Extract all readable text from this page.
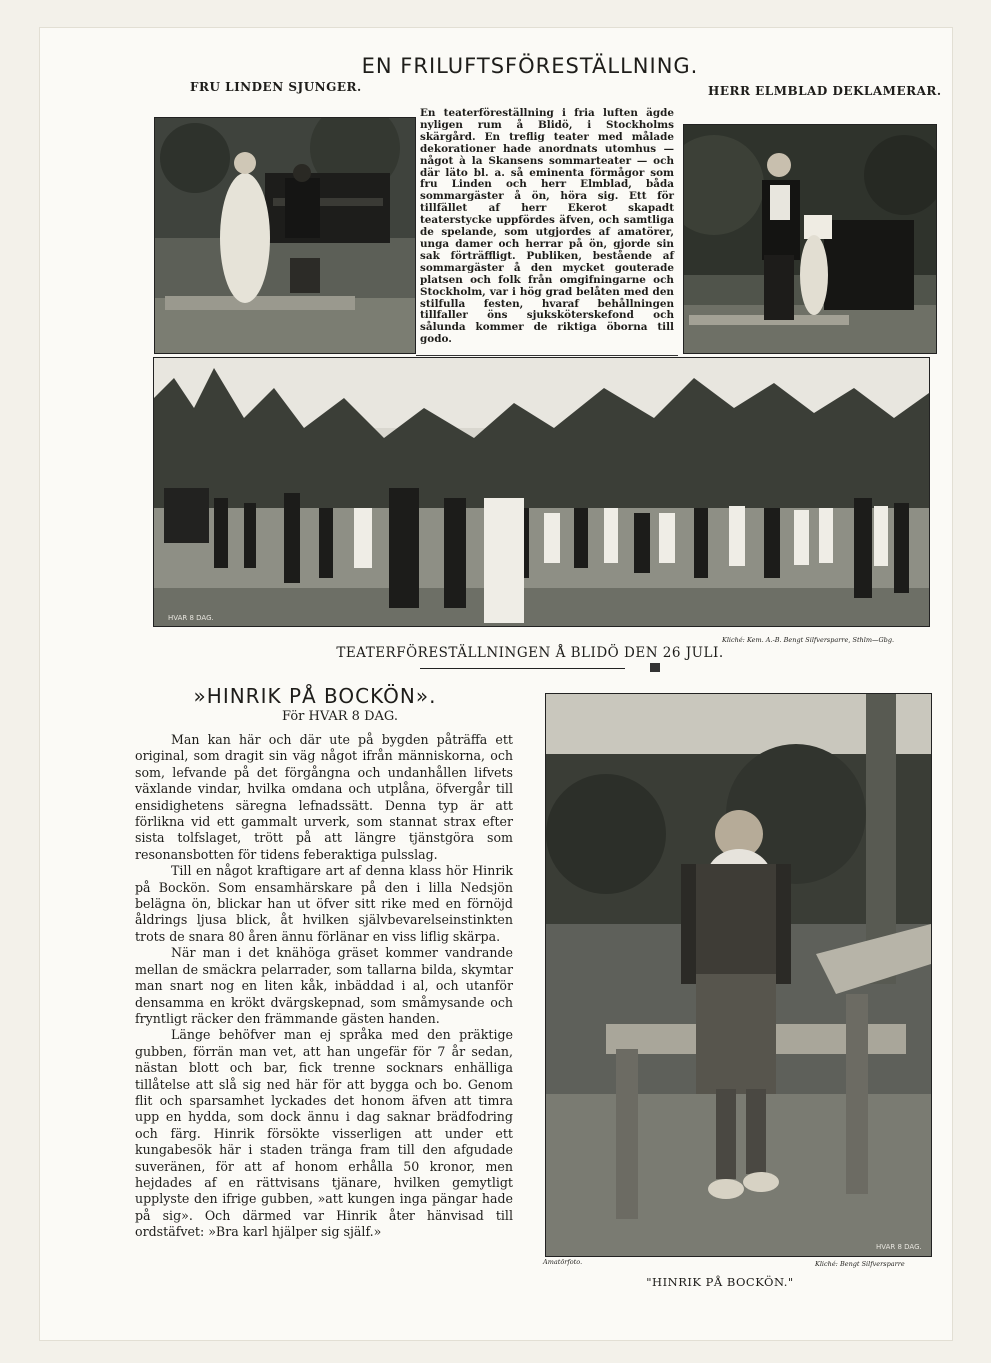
EN FRILUFTSFÖRESTÄLLNING.
FRU LINDEN SJUNGER.	HERR ELMBLAD DEKLAMERAR.
En teaterföreställning i fria luften ägde nyligen rum å Blidö, i Stockholms skärgård. En treflig teater med målade dekorationer hade anordnats utomhus — något à la Skansens sommarteater — och där läto bl. a. så eminenta förmågor som fru Linden och herr Elmblad, båda sommargäster å ön, höra sig. Ett för tillfället af herr Ekerot skapadt teaterstycke uppfördes äfven, och samtliga de spelande, som utgjordes af amatörer, unga damer och herrar på ön, gjorde sin sak förträffligt. Publiken, bestående af sommargäster å den mycket gouterade platsen och folk från omgifningarne och Stockholm, var i hög grad belåten med den stilfulla festen, hvaraf behållningen tillfaller öns sjuksköterskefond och sålunda kommer de riktiga öborna till godo.
HVAR 8 DAG.
Kliché: Kem. A.-B. Bengt Silfversparre, Sthlm—Gbg.
TEATERFÖRESTÄLLNINGEN Å BLIDÖ DEN 26 JULI.
»HINRIK PÅ BOCKÖN».
För HVAR 8 DAG.

Man kan här och där ute på bygden påträffa ett original, som dragit sin väg något ifrån människorna, och som, lefvande på det förgångna och undanhållen lifvets växlande vindar, hvilka omdana och utplåna, öfvergår till ensidighetens säregna lefnadssätt. Denna typ är att förlikna vid ett gammalt urverk, som stannat strax efter sista tolfslaget, trött på att längre tjänstgöra som resonansbotten för tidens feberaktiga pulsslag.

Till en något kraftigare art af denna klass hör Hinrik på Bockön. Som ensamhärskare på den i lilla Nedsjön belägna ön, blickar han ut öfver sitt rike med en förnöjd åldrings ljusa blick, åt hvilken självbevarelseinstinkten trots de snara 80 åren ännu förlänar en viss liflig skärpa.

När man i det knähöga gräset kommer vandrande mellan de smäckra pelarrader, som tallarna bilda, skymtar man snart nog en liten kåk, inbäddad i al, och utanför densamma en krökt dvärgskepnad, som småmysande och fryntligt räcker den främmande gästen handen.

Länge behöfver man ej språka med den präktige gubben, förrän man vet, att han ungefär för 7 år sedan, nästan blott och bar, fick trenne socknars enhälliga tillåtelse att slå sig ned här för att bygga och bo. Genom flit och sparsamhet lyckades det honom äfven att timra upp en hydda, som dock ännu i dag saknar brädfodring och färg. Hinrik försökte visserligen att under ett kungabesök här i staden tränga fram till den afgudade suveränen, för att af honom erhålla 50 kronor, men hejdades af en rättvisans tjänare, hvilken gemytligt upplyste den ifrige gubben, »att kungen inga pängar hade på sig». Och därmed var Hinrik åter hänvisad till ordstäfvet: »Bra karl hjälper sig själf.»

HVAR 8 DAG.
Amatörfoto.	Kliché: Bengt Silfversparre
"HINRIK PÅ BOCKÖN."
